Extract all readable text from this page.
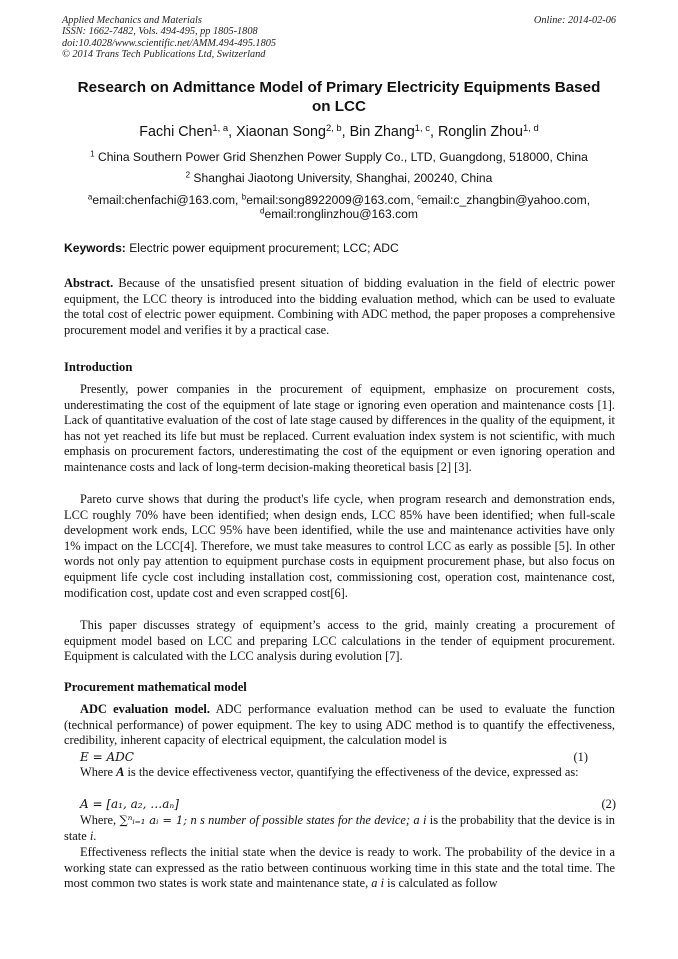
Applied Mechanics and Materials
ISSN: 1662-7482, Vols. 494-495, pp 1805-1808
doi:10.4028/www.scientific.net/AMM.494-495.1805
© 2014 Trans Tech Publications Ltd, Switzerland
Online: 2014-02-06
Research on Admittance Model of Primary Electricity Equipments Based
on LCC
Fachi Chen$^{1, a}$, Xiaonan Song$^{2, b}$, Bin Zhang$^{1, c}$, Ronglin Zhou$^{1, d}$
$^1$ China Southern Power Grid Shenzhen Power Supply Co., LTD, Guangdong, 518000, China
$^2$ Shanghai Jiaotong University, Shanghai, 200240, China
$^a$email:chenfachi@163.com, $^b$email:song8922009@163.com, $^c$email:c_zhangbin@yahoo.com,
$^d$email:ronglinzhou@163.com
Keywords: Electric power equipment procurement; LCC; ADC
Abstract. Because of the unsatisfied present situation of bidding evaluation in the field of electric power equipment, the LCC theory is introduced into the bidding evaluation method, which can be used to evaluate the total cost of electric power equipment. Combining with ADC method, the paper proposes a comprehensive procurement model and verifies it by a practical case.
Introduction
Presently, power companies in the procurement of equipment, emphasize on procurement costs, underestimating the cost of the equipment of late stage or ignoring even operation and maintenance costs [1]. Lack of quantitative evaluation of the cost of late stage caused by differences in the quality of the equipment, it has not yet reached its life but must be replaced. Current evaluation index system is not scientific, with much emphasis on procurement factors, underestimating the cost of the equipment or even ignoring operation and maintenance costs and lack of long-term decision-making theoretical basis [2] [3].
Pareto curve shows that during the product's life cycle, when program research and demonstration ends, LCC roughly 70% have been identified; when design ends, LCC 85% have been identified; when full-scale development work ends, LCC 95% have been identified, while the use and maintenance activities have only 1% impact on the LCC[4]. Therefore, we must take measures to control LCC as early as possible [5]. In other words not only pay attention to equipment purchase costs in equipment procurement phase, but also focus on equipment life cycle cost including installation cost, commissioning cost, operation cost, maintenance cost, modification cost, update cost and even scrapped cost[6].
This paper discusses strategy of equipment’s access to the grid, mainly creating a procurement of equipment model based on LCC and preparing LCC calculations in the tender of equipment procurement. Equipment is calculated with the LCC analysis during evolution [7].
Procurement mathematical model
ADC evaluation model. ADC performance evaluation method can be used to evaluate the function (technical performance) of power equipment. The key to using ADC method is to quantify the effectiveness, credibility, inherent capacity of electrical equipment, the calculation model is
E = ADC	(1)
Where A is the device effectiveness vector, quantifying the effectiveness of the device, expressed as:
A = [a₁, a₂, …aₙ]	(2)
Where, ∑ⁿᵢ₌₁ aᵢ = 1; n s number of possible states for the device; a i is the probability that the device is in state i.
Effectiveness reflects the initial state when the device is ready to work. The probability of the device in a working state can expressed as the ratio between continuous working time in this state and the total time. The most common two states is work state and maintenance state, a i is calculated as follow
